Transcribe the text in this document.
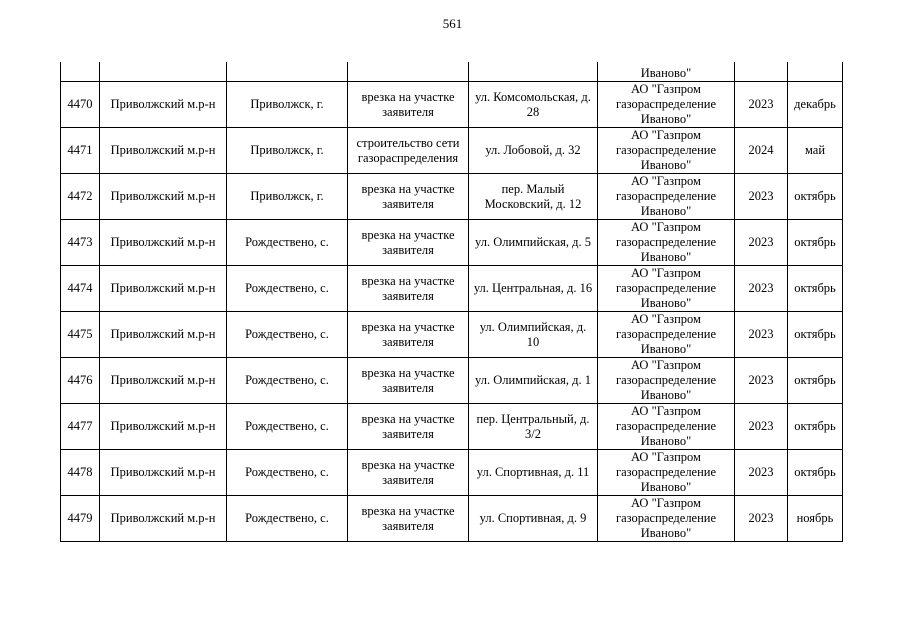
561
					Иваново"		
4470	Приволжский м.р-н	Приволжск, г.	врезка на участке заявителя	ул. Комсомольская, д. 28	АО "Газпром газораспределение Иваново"	2023	декабрь
4471	Приволжский м.р-н	Приволжск, г.	строительство сети газораспределения	ул. Лобовой, д. 32	АО "Газпром газораспределение Иваново"	2024	май
4472	Приволжский м.р-н	Приволжск, г.	врезка на участке заявителя	пер. Малый Московский, д. 12	АО "Газпром газораспределение Иваново"	2023	октябрь
4473	Приволжский м.р-н	Рождествено, с.	врезка на участке заявителя	ул. Олимпийская, д. 5	АО "Газпром газораспределение Иваново"	2023	октябрь
4474	Приволжский м.р-н	Рождествено, с.	врезка на участке заявителя	ул. Центральная, д. 16	АО "Газпром газораспределение Иваново"	2023	октябрь
4475	Приволжский м.р-н	Рождествено, с.	врезка на участке заявителя	ул. Олимпийская, д. 10	АО "Газпром газораспределение Иваново"	2023	октябрь
4476	Приволжский м.р-н	Рождествено, с.	врезка на участке заявителя	ул. Олимпийская, д. 1	АО "Газпром газораспределение Иваново"	2023	октябрь
4477	Приволжский м.р-н	Рождествено, с.	врезка на участке заявителя	пер. Центральный, д. 3/2	АО "Газпром газораспределение Иваново"	2023	октябрь
4478	Приволжский м.р-н	Рождествено, с.	врезка на участке заявителя	ул. Спортивная, д. 11	АО "Газпром газораспределение Иваново"	2023	октябрь
4479	Приволжский м.р-н	Рождествено, с.	врезка на участке заявителя	ул. Спортивная, д. 9	АО "Газпром газораспределение Иваново"	2023	ноябрь
